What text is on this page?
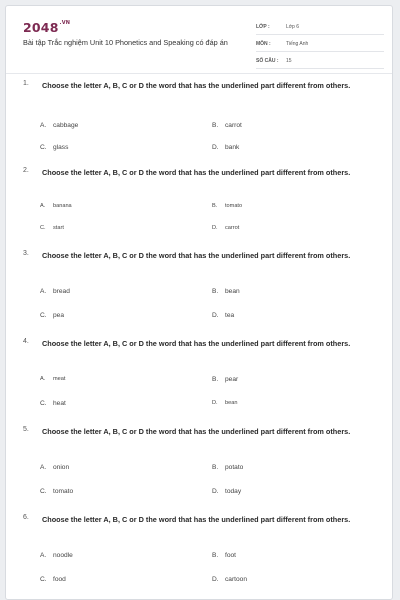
$2048^{.VN}$
Bài tập Trắc nghiệm Unit 10 Phonetics and Speaking có đáp án
LỚP :	Lớp 6
MÔN :	Tiếng Anh
SỐ CÂU : 15
1. Choose the letter A, B, C or D the word that has the underlined part different from others.
A. cabbage	B. carrot
C. glass	D. bank
2. Choose the letter A, B, C or D the word that has the underlined part different from others.
A. banana	B. tomato
C. start	D. carrot
3. Choose the letter A, B, C or D the word that has the underlined part different from others.
A. bread	B. bean
C. pea	D. tea
4. Choose the letter A, B, C or D the word that has the underlined part different from others.
A. meat	B. pear
C. heat	D. bean
5. Choose the letter A, B, C or D the word that has the underlined part different from others.
A. onion	B. potato
C. tomato	D. today
6. Choose the letter A, B, C or D the word that has the underlined part different from others.
A. noodle	B. foot
C. food	D. cartoon
